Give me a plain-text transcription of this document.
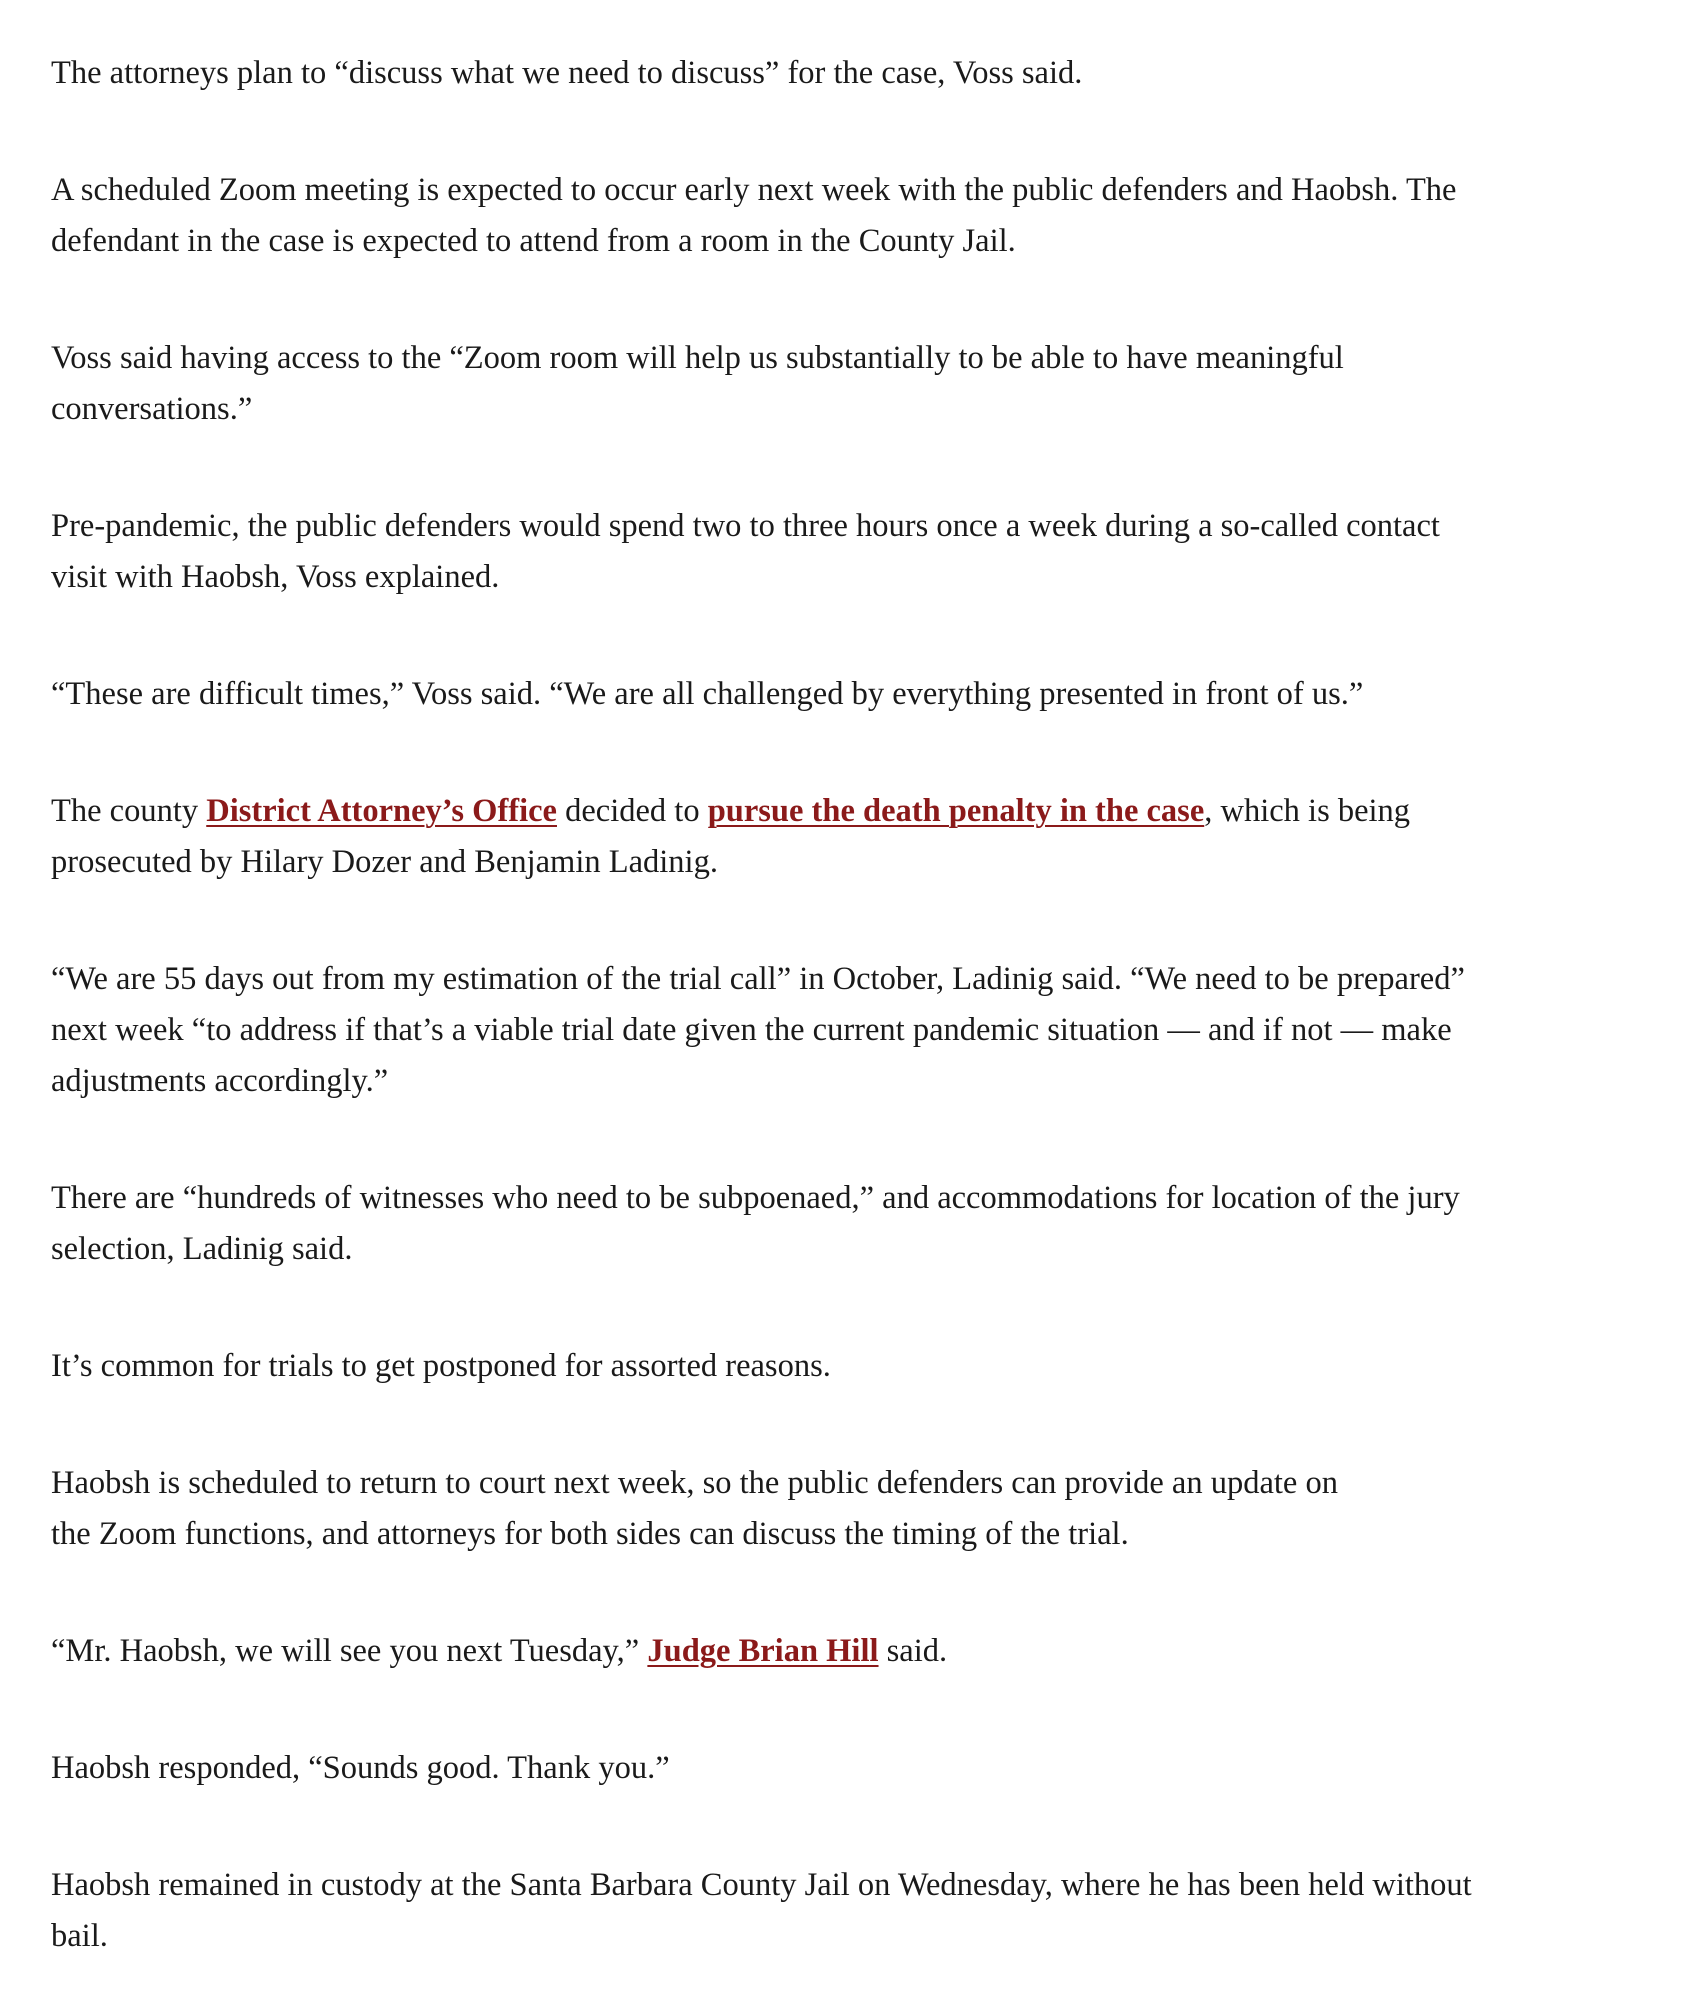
The attorneys plan to “discuss what we need to discuss” for the case, Voss said.

A scheduled Zoom meeting is expected to occur early next week with the public defenders and Haobsh. The
defendant in the case is expected to attend from a room in the County Jail.

Voss said having access to the “Zoom room will help us substantially to be able to have meaningful
conversations.”

Pre-pandemic, the public defenders would spend two to three hours once a week during a so-called contact
visit with Haobsh, Voss explained.

“These are difficult times,” Voss said. “We are all challenged by everything presented in front of us.”

The county District Attorney’s Office decided to pursue the death penalty in the case, which is being
prosecuted by Hilary Dozer and Benjamin Ladinig.

“We are 55 days out from my estimation of the trial call” in October, Ladinig said. “We need to be prepared”
next week “to address if that’s a viable trial date given the current pandemic situation — and if not — make
adjustments accordingly.”

There are “hundreds of witnesses who need to be subpoenaed,” and accommodations for location of the jury
selection, Ladinig said.

It’s common for trials to get postponed for assorted reasons.

Haobsh is scheduled to return to court next week, so the public defenders can provide an update on
the Zoom functions, and attorneys for both sides can discuss the timing of the trial.

“Mr. Haobsh, we will see you next Tuesday,” Judge Brian Hill said.

Haobsh responded, “Sounds good. Thank you.”

Haobsh remained in custody at the Santa Barbara County Jail on Wednesday, where he has been held without
bail.
